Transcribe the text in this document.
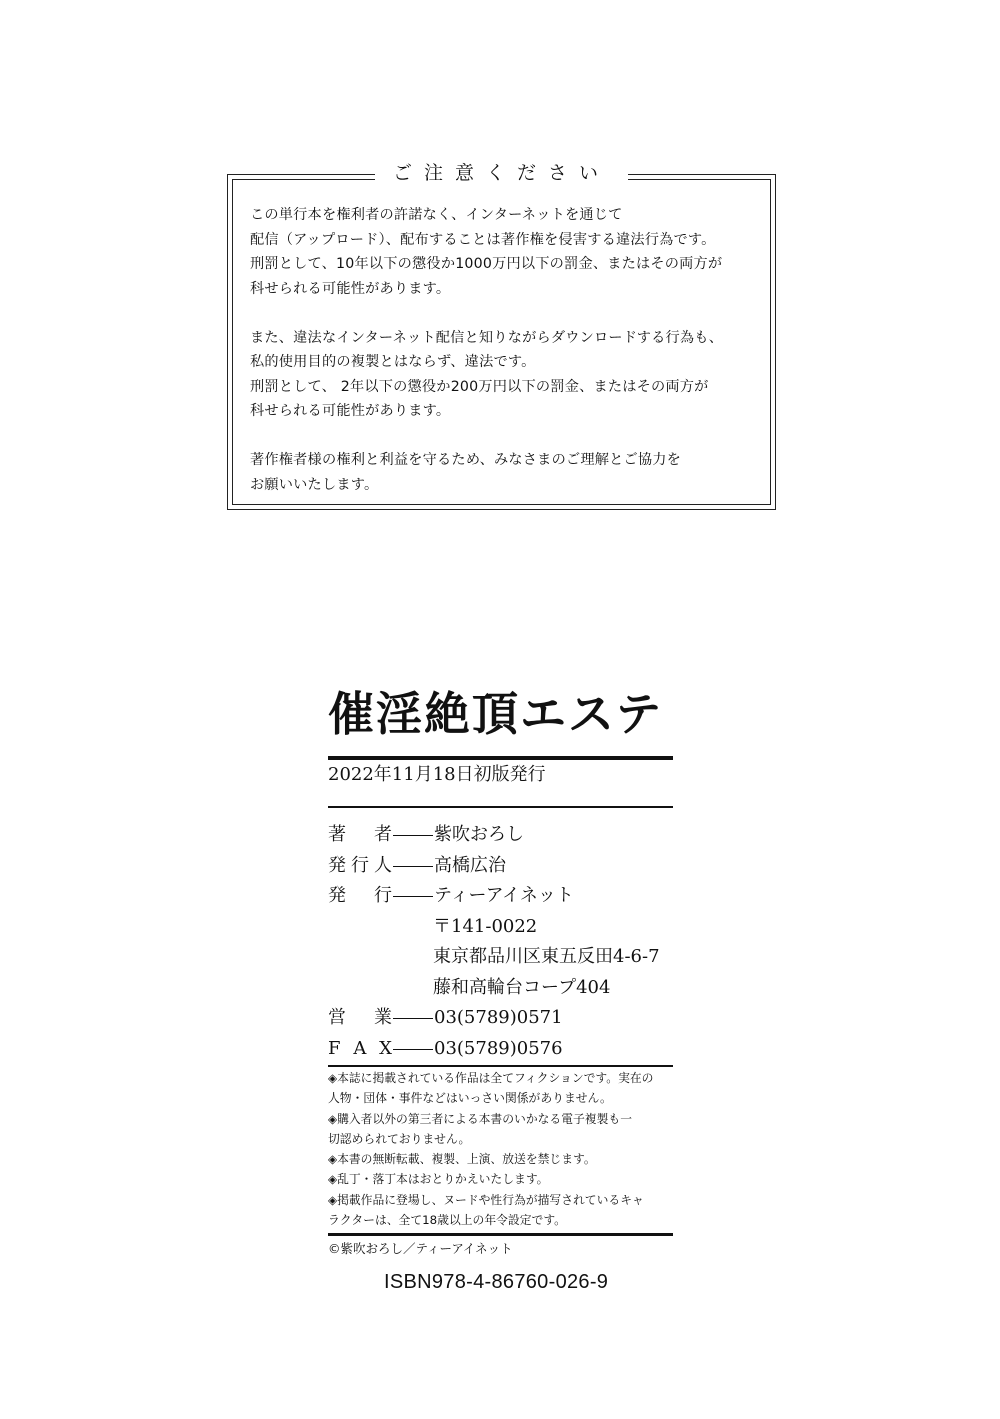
ご注意ください

この単行本を権利者の許諾なく、インターネットを通じて
配信（アップロード）、配布することは著作権を侵害する違法行為です。
刑罰として、10年以下の懲役か1000万円以下の罰金、またはその両方が
科せられる可能性があります。

また、違法なインターネット配信と知りながらダウンロードする行為も、
私的使用目的の複製とはならず、違法です。
刑罰として、 2年以下の懲役か200万円以下の罰金、またはその両方が
科せられる可能性があります。

著作権者様の権利と利益を守るため、みなさまのご理解とご協力を
お願いいたします。

催淫絶頂エステ
2022年11月18日初版発行
著 者 紫吹おろし
発 行 人 高橋広治
発 行 ティーアイネット
〒141-0022
東京都品川区東五反田4-6-7
藤和高輪台コープ404
営 業 03(5789)0571
F A X 03(5789)0576
◈本誌に掲載されている作品は全てフィクションです。実在の
人物・団体・事件などはいっさい関係がありません。
◈購入者以外の第三者による本書のいかなる電子複製も一
切認められておりません。
◈本書の無断転載、複製、上演、放送を禁じます。
◈乱丁・落丁本はおとりかえいたします。
◈掲載作品に登場し、ヌードや性行為が描写されているキャ
ラクターは、全て18歳以上の年令設定です。
©紫吹おろし／ティーアイネット
ISBN978-4-86760-026-9
